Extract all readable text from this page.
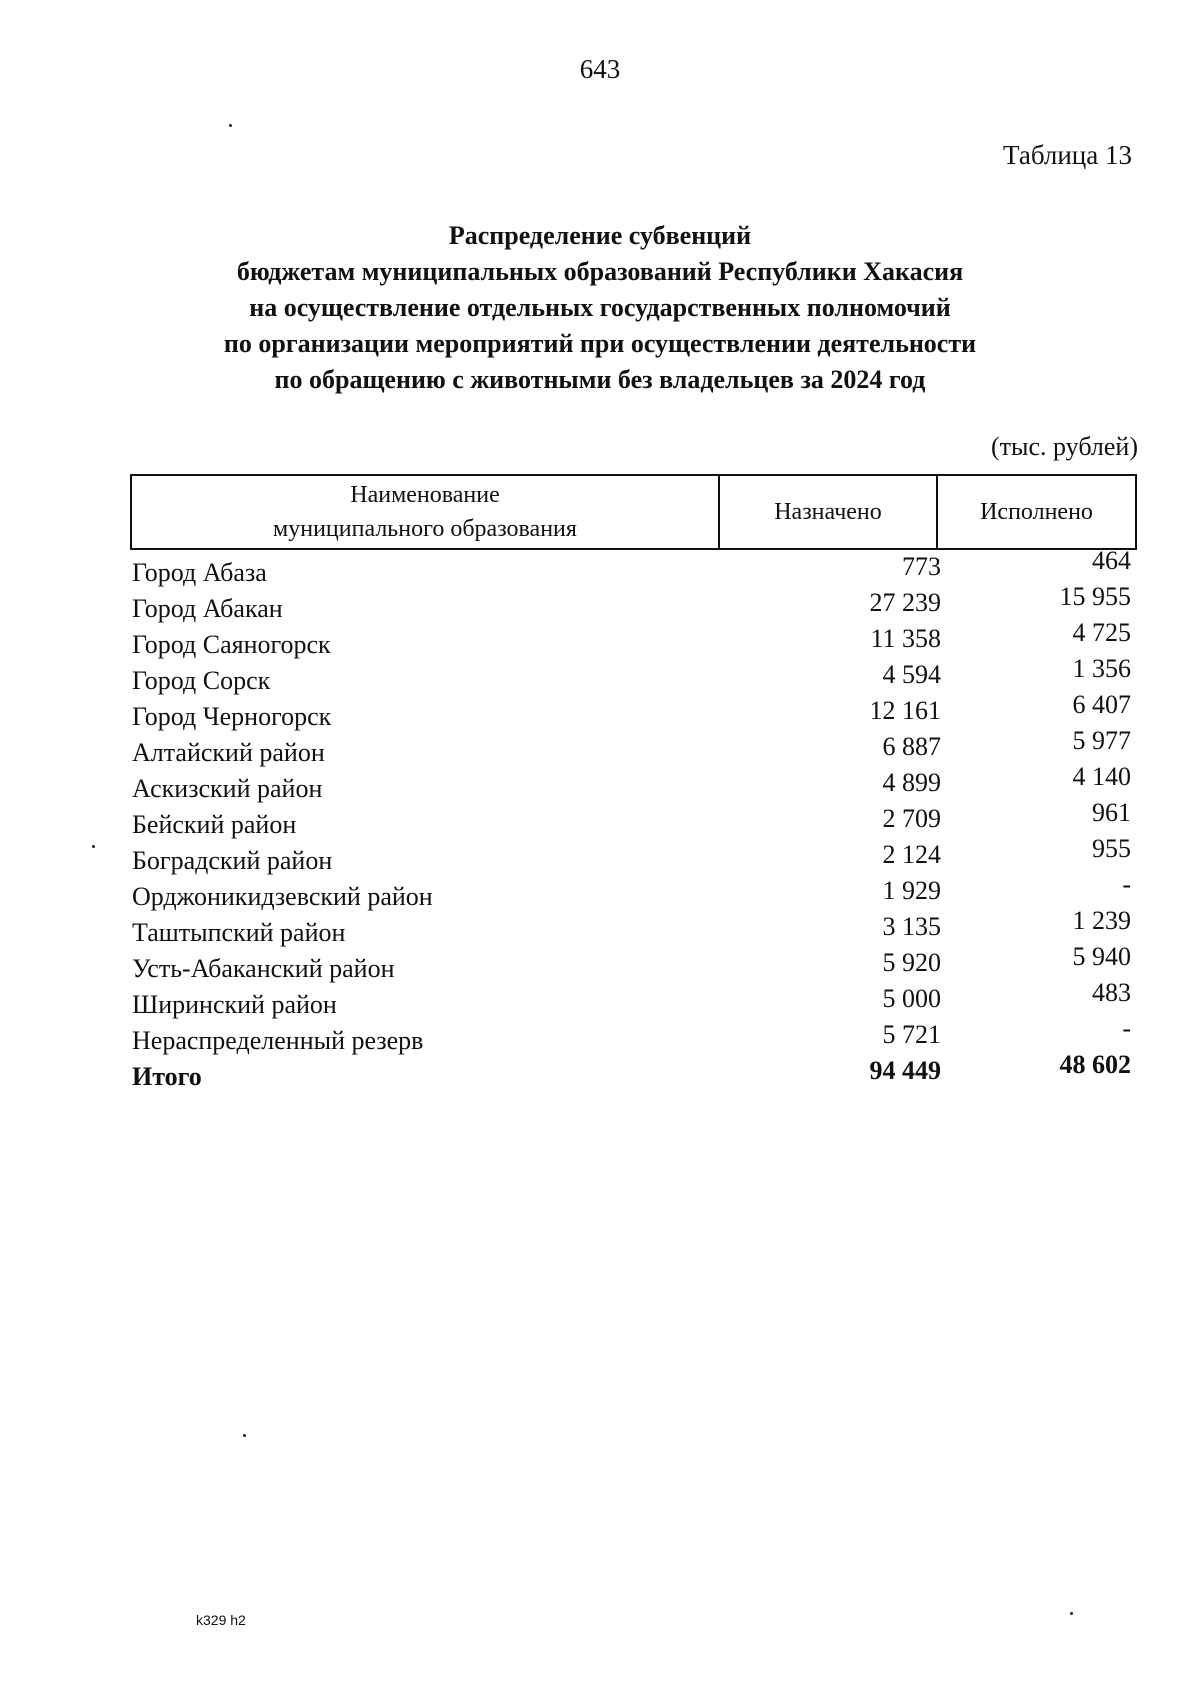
643
Таблица 13
Распределение субвенций
бюджетам муниципальных образований Республики Хакасия
на осуществление отдельных государственных полномочий
по организации мероприятий при осуществлении деятельности
по обращению с животными без владельцев за 2024 год
(тыс. рублей)
Наименование
муниципального образования
Назначено	Исполнено
Город Абаза	773	464
Город Абакан	27 239	15 955
Город Саяногорск	11 358	4 725
Город Сорск	4 594	1 356
Город Черногорск	12 161	6 407
Алтайский район	6 887	5 977
Аскизский район	4 899	4 140
Бейский район	2 709	961
Боградский район	2 124	955
Орджоникидзевский район	1 929	-
Таштыпский район	3 135	1 239
Усть-Абаканский район	5 920	5 940
Ширинский район	5 000	483
Нераспределенный резерв	5 721	-
Итого	94 449	48 602
k329 h2
